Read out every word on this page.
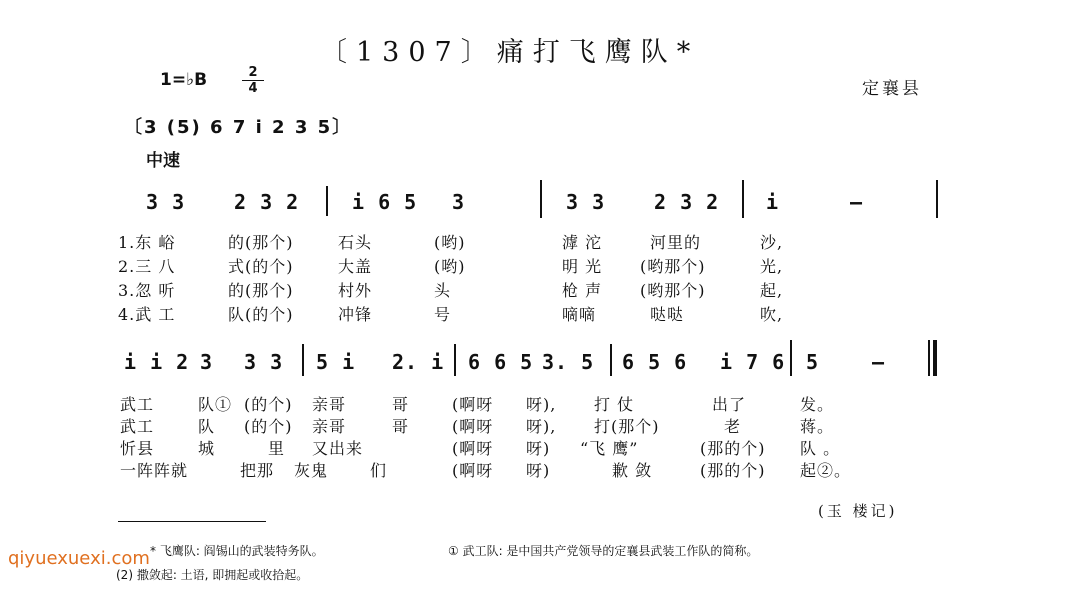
〔1307〕痛打飞鹰队*
1=♭B	2
4	定襄县
〔3 (5) 6 7 i 2 3 5〕
中速
3 3 2 3 2	i 6 5 3	3 3 2 3 2 i	–
1.东 峪	的(那个)	石头	(哟)	滹 沱	河里的	沙,
2.三 八	式(的个)	大盖	(哟)	明 光 (哟那个)	光,
3.忽 听	的(那个)	村外	头	枪 声 (哟那个)	起,
4.武 工	队(的个)	冲锋	号	嘀嘀	哒哒	吹,
i i 2 3 3 3 5 i 2. i 6 6 5 3. 5 6 5 6 i 7 6 5	–
武工	队① (的个) 亲哥	哥	(啊呀 呀), 打 仗	出了	发。
武工	队 (的个) 亲哥	哥	(啊呀 呀), 打(那个)	老	蒋。
忻县	城	里 又出来	(啊呀 呀) “飞 鹰”	(那的个) 队 。
一阵阵就	把那 灰鬼	们	(啊呀 呀)	歉 敛	(那的个) 起②。
(玉 楼记)
* 飞鹰队: 阎锡山的武装特务队。	① 武工队: 是中国共产党领导的定襄县武装工作队的简称。
(2) 撒敛起: 土语, 即拥起或收拾起。
qiyuexuexi.com
